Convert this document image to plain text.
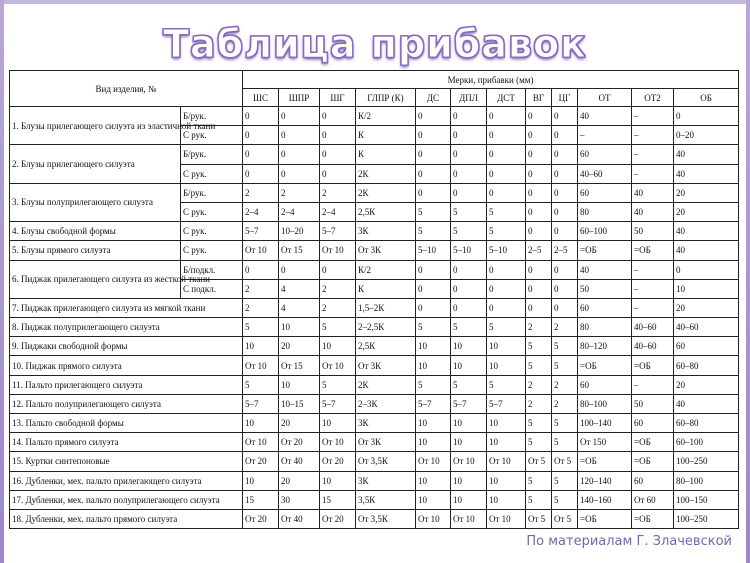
Таблица прибавок
Вид изделия, №		Мерки, прибавки (мм)											
		ШС	ШПР	ШГ	ГЛПР (К)	ДС	ДПЛ	ДСТ	ВГ	ЦГ	ОТ	ОТ2	ОБ
1. Блузы прилегающего силуэта из эластичной ткани	Б/рук.	0	0	0	К/2	0	0	0	0	0	40	–	0
	С рук.	0	0	0	К	0	0	0	0	0	–	–	0–20
2. Блузы прилегающего силуэта	Б/рук.	0	0	0	К	0	0	0	0	0	60	–	40
	С рук.	0	0	0	2К	0	0	0	0	0	40–60	–	40
3. Блузы полуприлегающего силуэта	Б/рук.	2	2	2	2К	0	0	0	0	0	60	40	20
	С рук.	2–4	2–4	2–4	2,5К	5	5	5	0	0	80	40	20
4. Блузы свободной формы	С рук.	5–7	10–20	5–7	3К	5	5	5	0	0	60–100	50	40
5. Блузы прямого силуэта	С рук.	От 10	От 15	От 10	От 3К	5–10	5–10	5–10	2–5	2–5	=ОБ	=ОБ	40
6. Пиджак прилегающего силуэта из жесткой ткани	Б/подкл.	0	0	0	К/2	0	0	0	0	0	40	–	0
	С подкл.	2	4	2	К	0	0	0	0	0	50	–	10
7. Пиджак прилегающего силуэта из мягкой ткани		2	4	2	1,5–2К	0	0	0	0	0	60	–	20
8. Пиджак полуприлегающего силуэта		5	10	5	2–2,5К	5	5	5	2	2	80	40–60	40–60
9. Пиджаки свободной формы		10	20	10	2,5К	10	10	10	5	5	80–120	40–60	60
10. Пиджак прямого силуэта		От 10	От 15	От 10	От 3К	10	10	10	5	5	=ОБ	=ОБ	60–80
11. Пальто прилегающего силуэта		5	10	5	2К	5	5	5	2	2	60	–	20
12. Пальто полуприлегающего силуэта		5–7	10–15	5–7	2–3К	5–7	5–7	5–7	2	2	80–100	50	40
13. Пальто свободной формы		10	20	10	3К	10	10	10	5	5	100–140	60	60–80
14. Пальто прямого силуэта		От 10	От 20	От 10	От 3К	10	10	10	5	5	От 150	=ОБ	60–100
15. Куртки синтепоновые		От 20	От 40	От 20	От 3,5К	От 10	От 10	От 10	От 5	От 5	=ОБ	=ОБ	100–250
16. Дубленки, мех. пальто прилегающего силуэта		10	20	10	3К	10	10	10	5	5	120–140	60	80–100
17. Дубленки, мех. пальто полуприлегающего силуэта		15	30	15	3,5К	10	10	10	5	5	140–160	От 60	100–150
18. Дубленки, мех. пальто прямого силуэта		От 20	От 40	От 20	От 3,5К	От 10	От 10	От 10	От 5	От 5	=ОБ	=ОБ	100–250
По материалам Г. Злачевской
